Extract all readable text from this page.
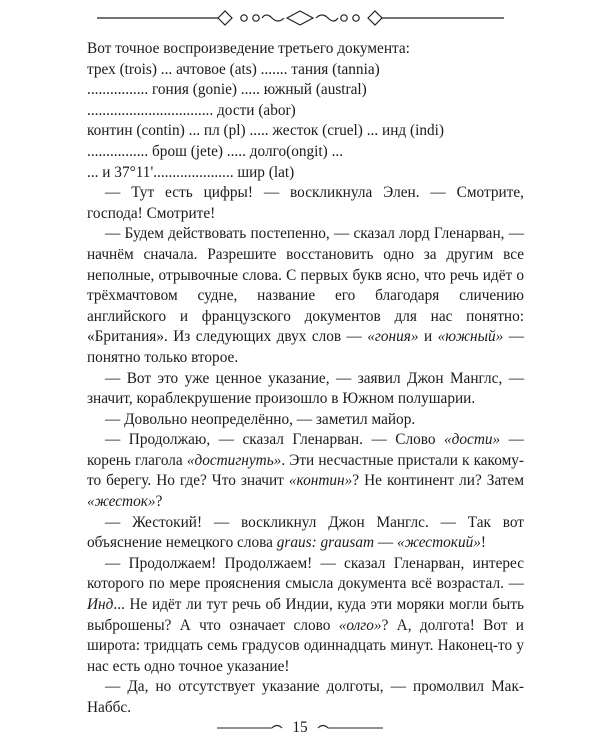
Вот точное воспроизведение третьего документа:

трех (trois) ... ачтовое (ats) ....... тания (tannia)

................ гония (gonie) ..... южный (austral)

................................. дости (abor)

контин (contin) ... пл (pl) ..... жесток (cruel) ... инд (indi)

................ брош (jete) ..... долго(ongit) ...

... и 37°11'..................... шир (lat)

— Тут есть цифры! — воскликнула Элен. — Смотрите, господа! Смотрите!

— Будем действовать постепенно, — сказал лорд Гленарван, — начнём сначала. Разрешите восстановить одно за другим все неполные, отрывочные слова. С первых букв ясно, что речь идёт о трёхмачтовом судне, название его благодаря сличению английского и французского документов для нас понятно: «Британия». Из следующих двух слов — «гония» и «южный» — понятно только второе.

— Вот это уже ценное указание, — заявил Джон Манглс, — значит, кораблекрушение произошло в Южном полушарии.

— Довольно неопределённо, — заметил майор.

— Продолжаю, — сказал Гленарван. — Слово «дости» — корень глагола «достигнуть». Эти несчастные пристали к какому-то берегу. Но где? Что значит «контин»? Не континент ли? Затем «жесток»?

— Жестокий! — воскликнул Джон Манглс. — Так вот объяснение немецкого слова graus: grausam — «жестокий»!

— Продолжаем! Продолжаем! — сказал Гленарван, интерес которого по мере прояснения смысла документа всё возрастал. — Инд... Не идёт ли тут речь об Индии, куда эти моряки могли быть выброшены? А что означает слово «олго»? А, долгота! Вот и широта: тридцать семь градусов одиннадцать минут. Наконец-то у нас есть одно точное указание!

— Да, но отсутствует указание долготы, — промолвил Мак-Наббс.

15
